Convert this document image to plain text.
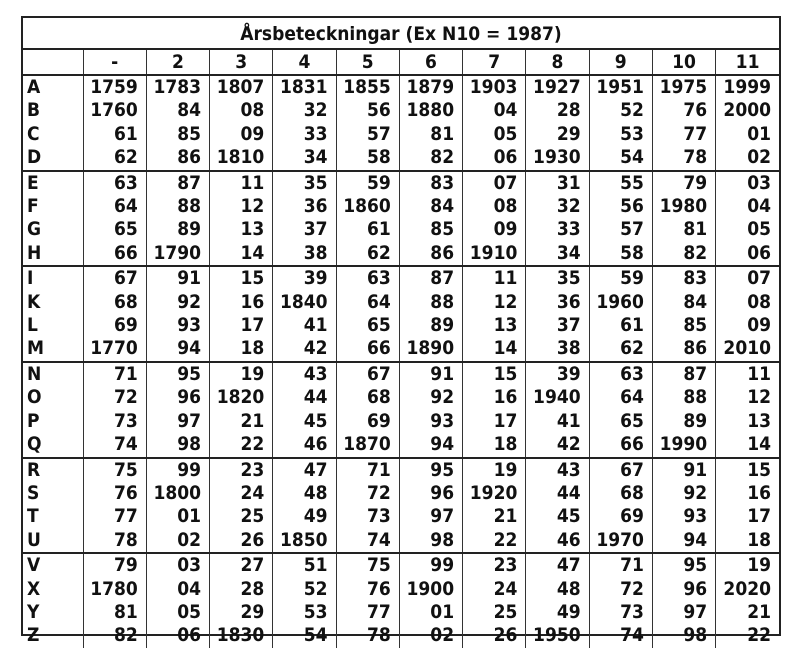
Årsbeteckningar (Ex N10 = 1987)
	-	2	3	4	5	6	7	8	9	10	11
A	1759	1783	1807	1831	1855	1879	1903	1927	1951	1975	1999
B	1760	84	08	32	56	1880	04	28	52	76	2000
C	61	85	09	33	57	81	05	29	53	77	01
D	62	86	1810	34	58	82	06	1930	54	78	02
E	63	87	11	35	59	83	07	31	55	79	03
F	64	88	12	36	1860	84	08	32	56	1980	04
G	65	89	13	37	61	85	09	33	57	81	05
H	66	1790	14	38	62	86	1910	34	58	82	06
I	67	91	15	39	63	87	11	35	59	83	07
K	68	92	16	1840	64	88	12	36	1960	84	08
L	69	93	17	41	65	89	13	37	61	85	09
M	1770	94	18	42	66	1890	14	38	62	86	2010
N	71	95	19	43	67	91	15	39	63	87	11
O	72	96	1820	44	68	92	16	1940	64	88	12
P	73	97	21	45	69	93	17	41	65	89	13
Q	74	98	22	46	1870	94	18	42	66	1990	14
R	75	99	23	47	71	95	19	43	67	91	15
S	76	1800	24	48	72	96	1920	44	68	92	16
T	77	01	25	49	73	97	21	45	69	93	17
U	78	02	26	1850	74	98	22	46	1970	94	18
V	79	03	27	51	75	99	23	47	71	95	19
X	1780	04	28	52	76	1900	24	48	72	96	2020
Y	81	05	29	53	77	01	25	49	73	97	21
Z	82	06	1830	54	78	02	26	1950	74	98	22
